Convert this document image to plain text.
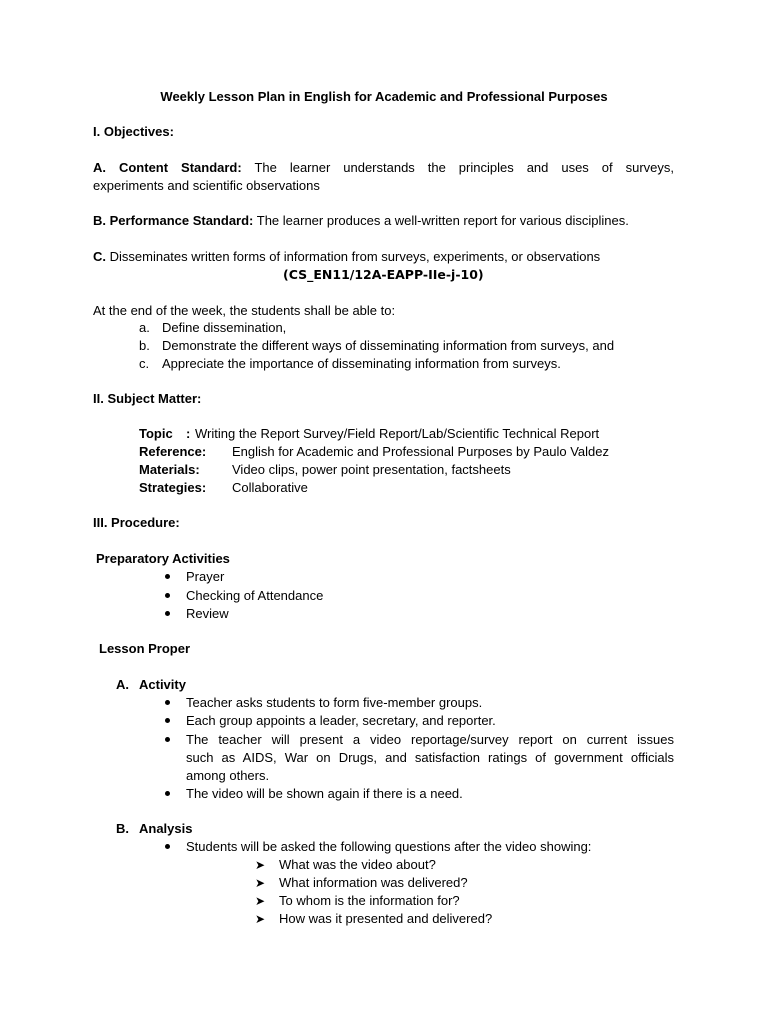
Weekly Lesson Plan in English for Academic and Professional Purposes
I. Objectives:
A. Content Standard: The learner understands the principles and uses of surveys,
experiments and scientific observations
B. Performance Standard: The learner produces a well-written report for various disciplines.
C. Disseminates written forms of information from surveys, experiments, or observations
(CS_EN11/12A-EAPP-IIe-j-10)
At the end of the week, the students shall be able to:
a. Define dissemination,
b. Demonstrate the different ways of disseminating information from surveys, and
c. Appreciate the importance of disseminating information from surveys.
II. Subject Matter:
Topic : Writing the Report Survey/Field Report/Lab/Scientific Technical Report
Reference: English for Academic and Professional Purposes by Paulo Valdez
Materials: Video clips, power point presentation, factsheets
Strategies: Collaborative
III. Procedure:
Preparatory Activities
Prayer
Checking of Attendance
Review
Lesson Proper
A. Activity
Teacher asks students to form five-member groups.
Each group appoints a leader, secretary, and reporter.
The teacher will present a video reportage/survey report on current issues
such as AIDS, War on Drugs, and satisfaction ratings of government officials
among others.
The video will be shown again if there is a need.
B. Analysis
Students will be asked the following questions after the video showing:
➤ What was the video about?
➤ What information was delivered?
➤ To whom is the information for?
➤ How was it presented and delivered?
